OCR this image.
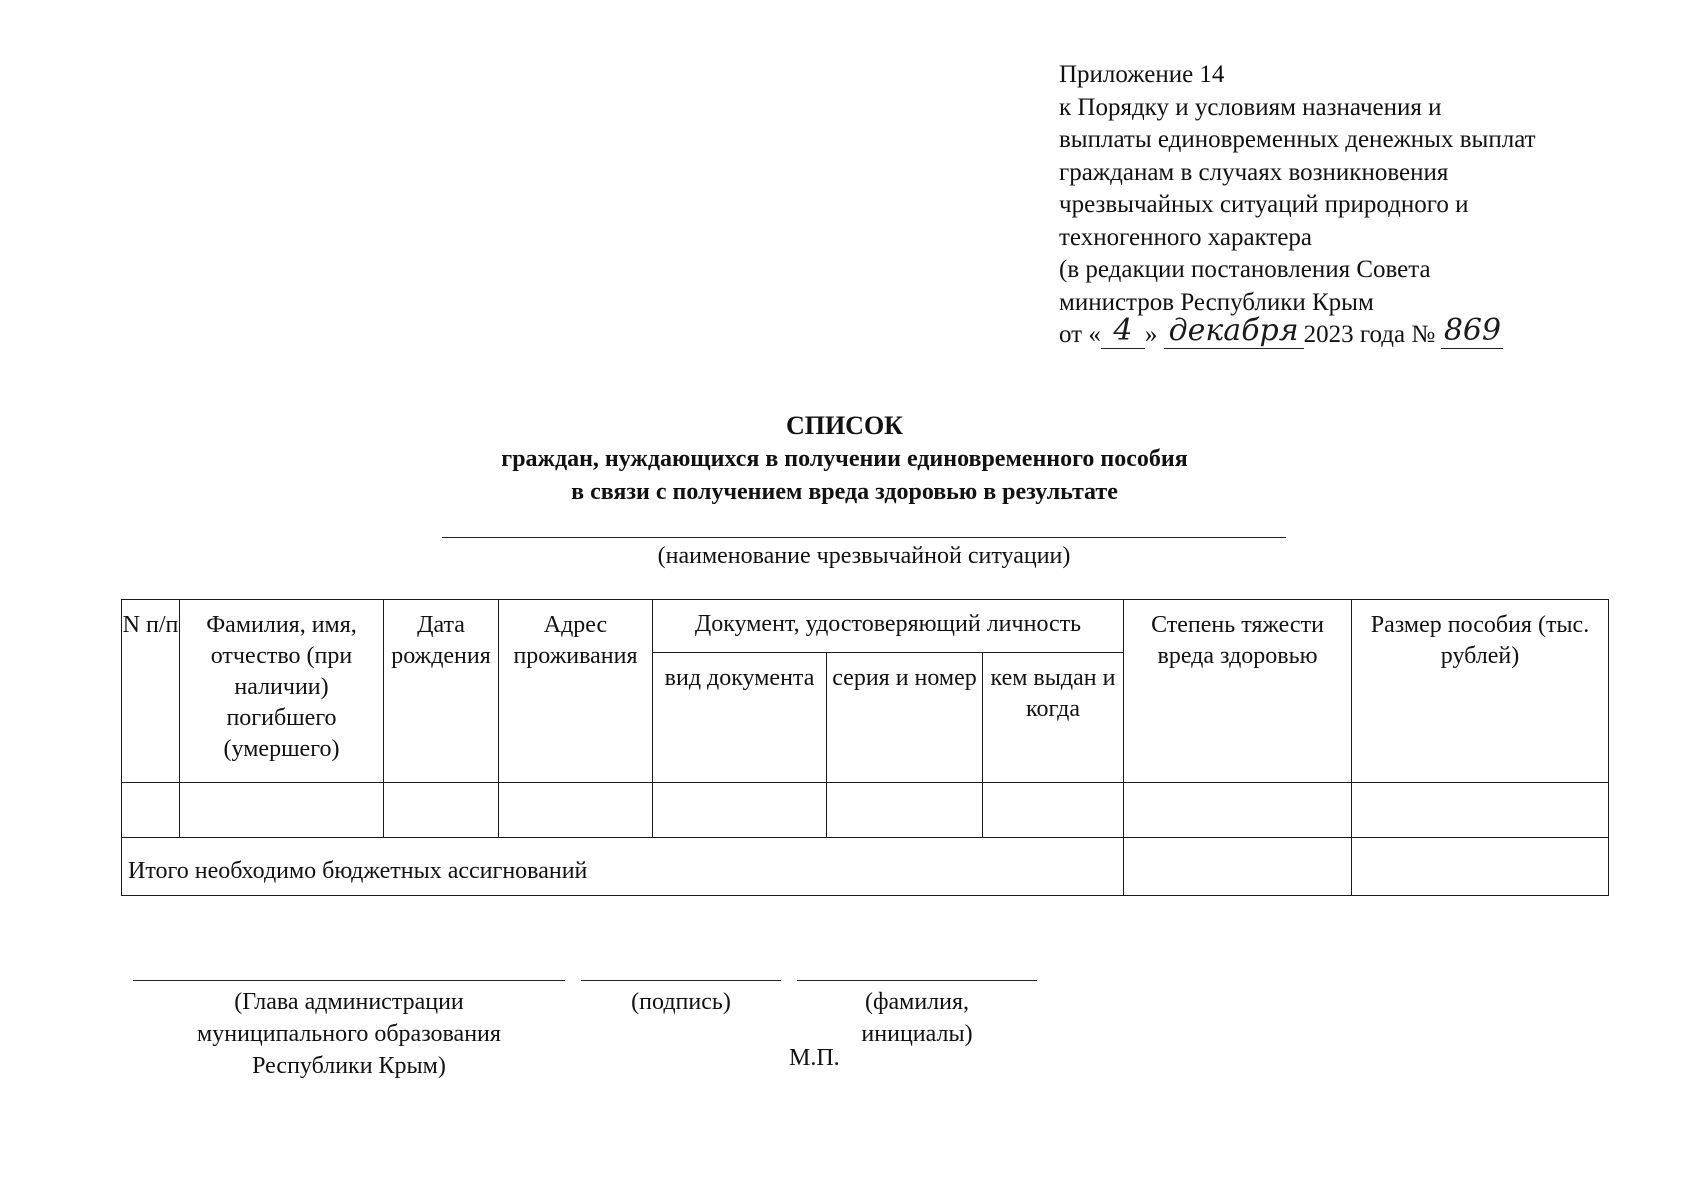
Приложение 14
к Порядку и условиям назначения и
выплаты единовременных денежных выплат
гражданам в случаях возникновения
чрезвычайных ситуаций природного и
техногенного характера
(в редакции постановления Совета
министров Республики Крым
от « 4 » декабря 2023 года № 869
СПИСОК
граждан, нуждающихся в получении единовременного пособия
в связи с получением вреда здоровью в результате
(наименование чрезвычайной ситуации)
N п/п	Фамилия, имя, отчество (при наличии) погибшего (умершего)
Дата рождения
Адрес проживания
Документ, удостоверяющий личность
вид документа серия и номер кем выдан и когда
Степень тяжести вреда здоровью
Размер пособия (тыс. рублей)
Итого необходимо бюджетных ассигнований
(Глава администрации
муниципального образования
Республики Крым)
(подпись)	(фамилия,
инициалы)
М.П.
